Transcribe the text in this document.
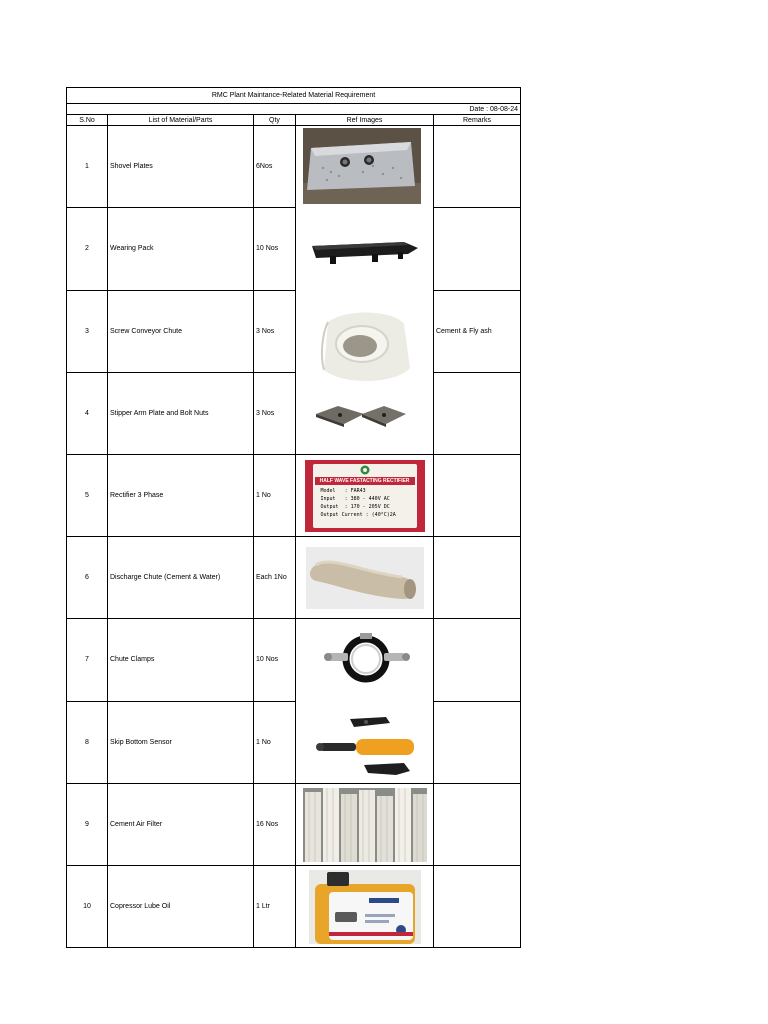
RMC Plant Maintance-Related Material Requirement				
Date : 08-08-24				
S.No	List of Material/Parts	Qty	Ref Images	Remarks
1	Shovel Plates	6Nos	

2	Wearing Pack	10 Nos		
3	Screw Conveyor Chute	3 Nos		Cement & Fly ash
4	Stipper Arm Plate and Bolt Nuts	3 Nos		
5	Rectifier 3 Phase	1 No	HALF WAVE FASTACTING RECTIFIER
Model   : FAR43
Input   : 380 - 440V AC
Output  : 170 - 205V DC
Output Current : (40°C)2A	

6	Discharge Chute (Cement & Water)	Each 1No	

7	Chute Clamps	10 Nos	

8	Skip Bottom Sensor	1 No		
9	Cement Air Filter	16 Nos	

10	Copressor Lube Oil	1 Ltr	
